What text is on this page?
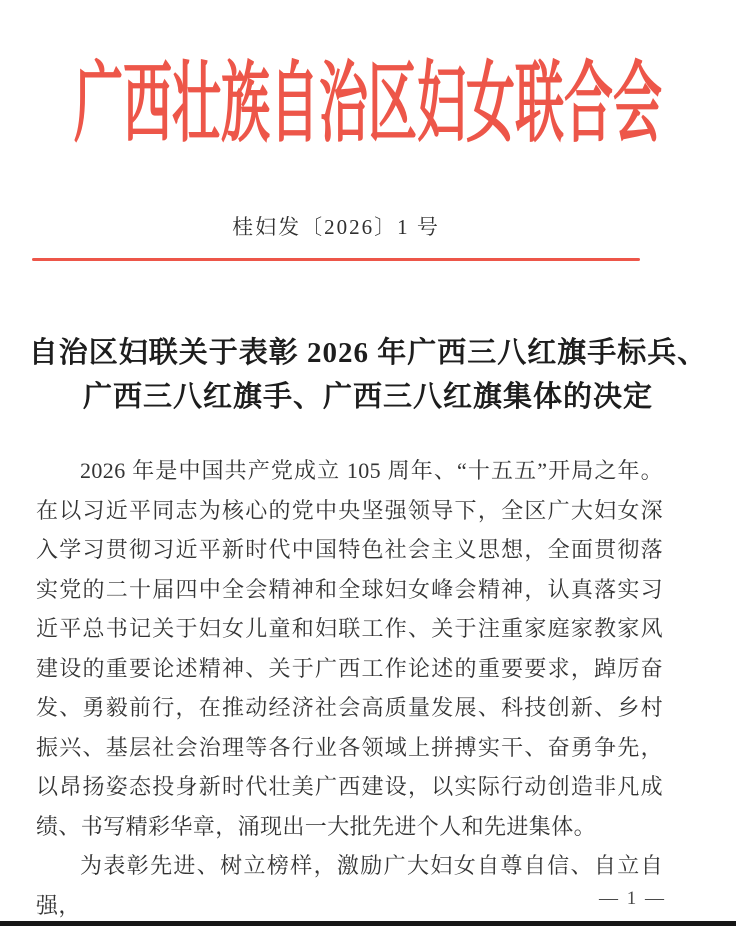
广西壮族自治区妇女联合会
桂妇发〔2026〕1 号
自治区妇联关于表彰 2026 年广西三八红旗手标兵、
广西三八红旗手、广西三八红旗集体的决定

2026 年是中国共产党成立 105 周年、“十五五”开局之年。在以习近平同志为核心的党中央坚强领导下，全区广大妇女深入学习贯彻习近平新时代中国特色社会主义思想，全面贯彻落实党的二十届四中全会精神和全球妇女峰会精神，认真落实习近平总书记关于妇女儿童和妇联工作、关于注重家庭家教家风建设的重要论述精神、关于广西工作论述的重要要求，踔厉奋发、勇毅前行，在推动经济社会高质量发展、科技创新、乡村振兴、基层社会治理等各行业各领域上拼搏实干、奋勇争先，以昂扬姿态投身新时代壮美广西建设，以实际行动创造非凡成绩、书写精彩华章，涌现出一大批先进个人和先进集体。

为表彰先进、树立榜样，激励广大妇女自尊自信、自立自强，	— 1 —
